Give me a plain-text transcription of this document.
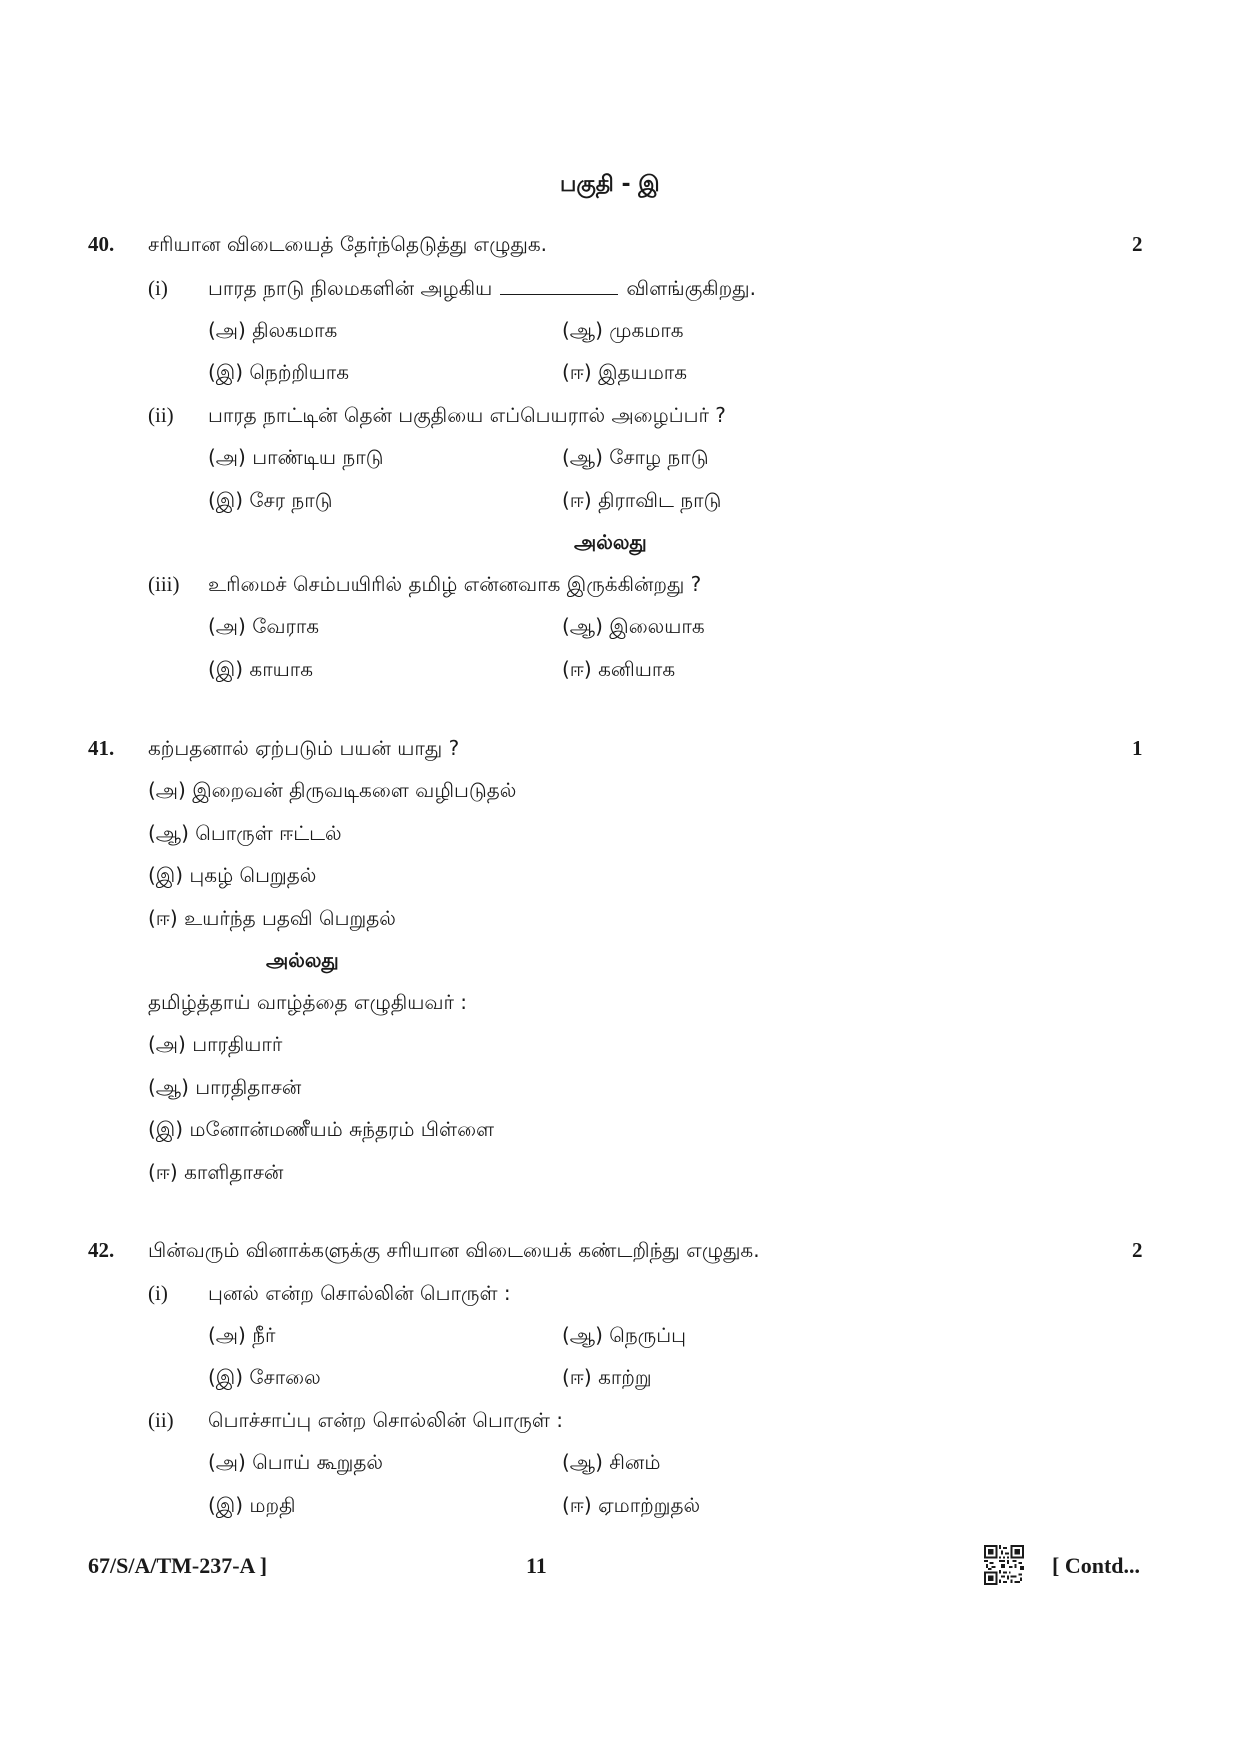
பகுதி - இ
40. சரியான விடையைத் தேர்ந்தெடுத்து எழுதுக.	2
(i) பாரத நாடு நிலமகளின் அழகிய	விளங்குகிறது.
(அ) திலகமாக	(ஆ) முகமாக
(இ) நெற்றியாக	(ஈ) இதயமாக
(ii) பாரத நாட்டின் தென் பகுதியை எப்பெயரால் அழைப்பர் ?
(அ) பாண்டிய நாடு	(ஆ) சோழ நாடு
(இ) சேர நாடு	(ஈ) திராவிட நாடு
அல்லது
(iii) உரிமைச் செம்பயிரில் தமிழ் என்னவாக இருக்கின்றது ?
(அ) வேராக	(ஆ) இலையாக
(இ) காயாக	(ஈ) கனியாக
41. கற்பதனால் ஏற்படும் பயன் யாது ?	1
(அ) இறைவன் திருவடிகளை வழிபடுதல்
(ஆ) பொருள் ஈட்டல்
(இ) புகழ் பெறுதல்
(ஈ) உயர்ந்த பதவி பெறுதல்
அல்லது
தமிழ்த்தாய் வாழ்த்தை எழுதியவர் :
(அ) பாரதியார்
(ஆ) பாரதிதாசன்
(இ) மனோன்மணீயம் சுந்தரம் பிள்ளை
(ஈ) காளிதாசன்
42. பின்வரும் வினாக்களுக்கு சரியான விடையைக் கண்டறிந்து எழுதுக.	2
(i) புனல் என்ற சொல்லின் பொருள் :
(அ) நீர்	(ஆ) நெருப்பு
(இ) சோலை	(ஈ) காற்று
(ii) பொச்சாப்பு என்ற சொல்லின் பொருள் :
(அ) பொய் கூறுதல்	(ஆ) சினம்
(இ) மறதி	(ஈ) ஏமாற்றுதல்
67/S/A/TM-237-A ]	11	[ Contd...
